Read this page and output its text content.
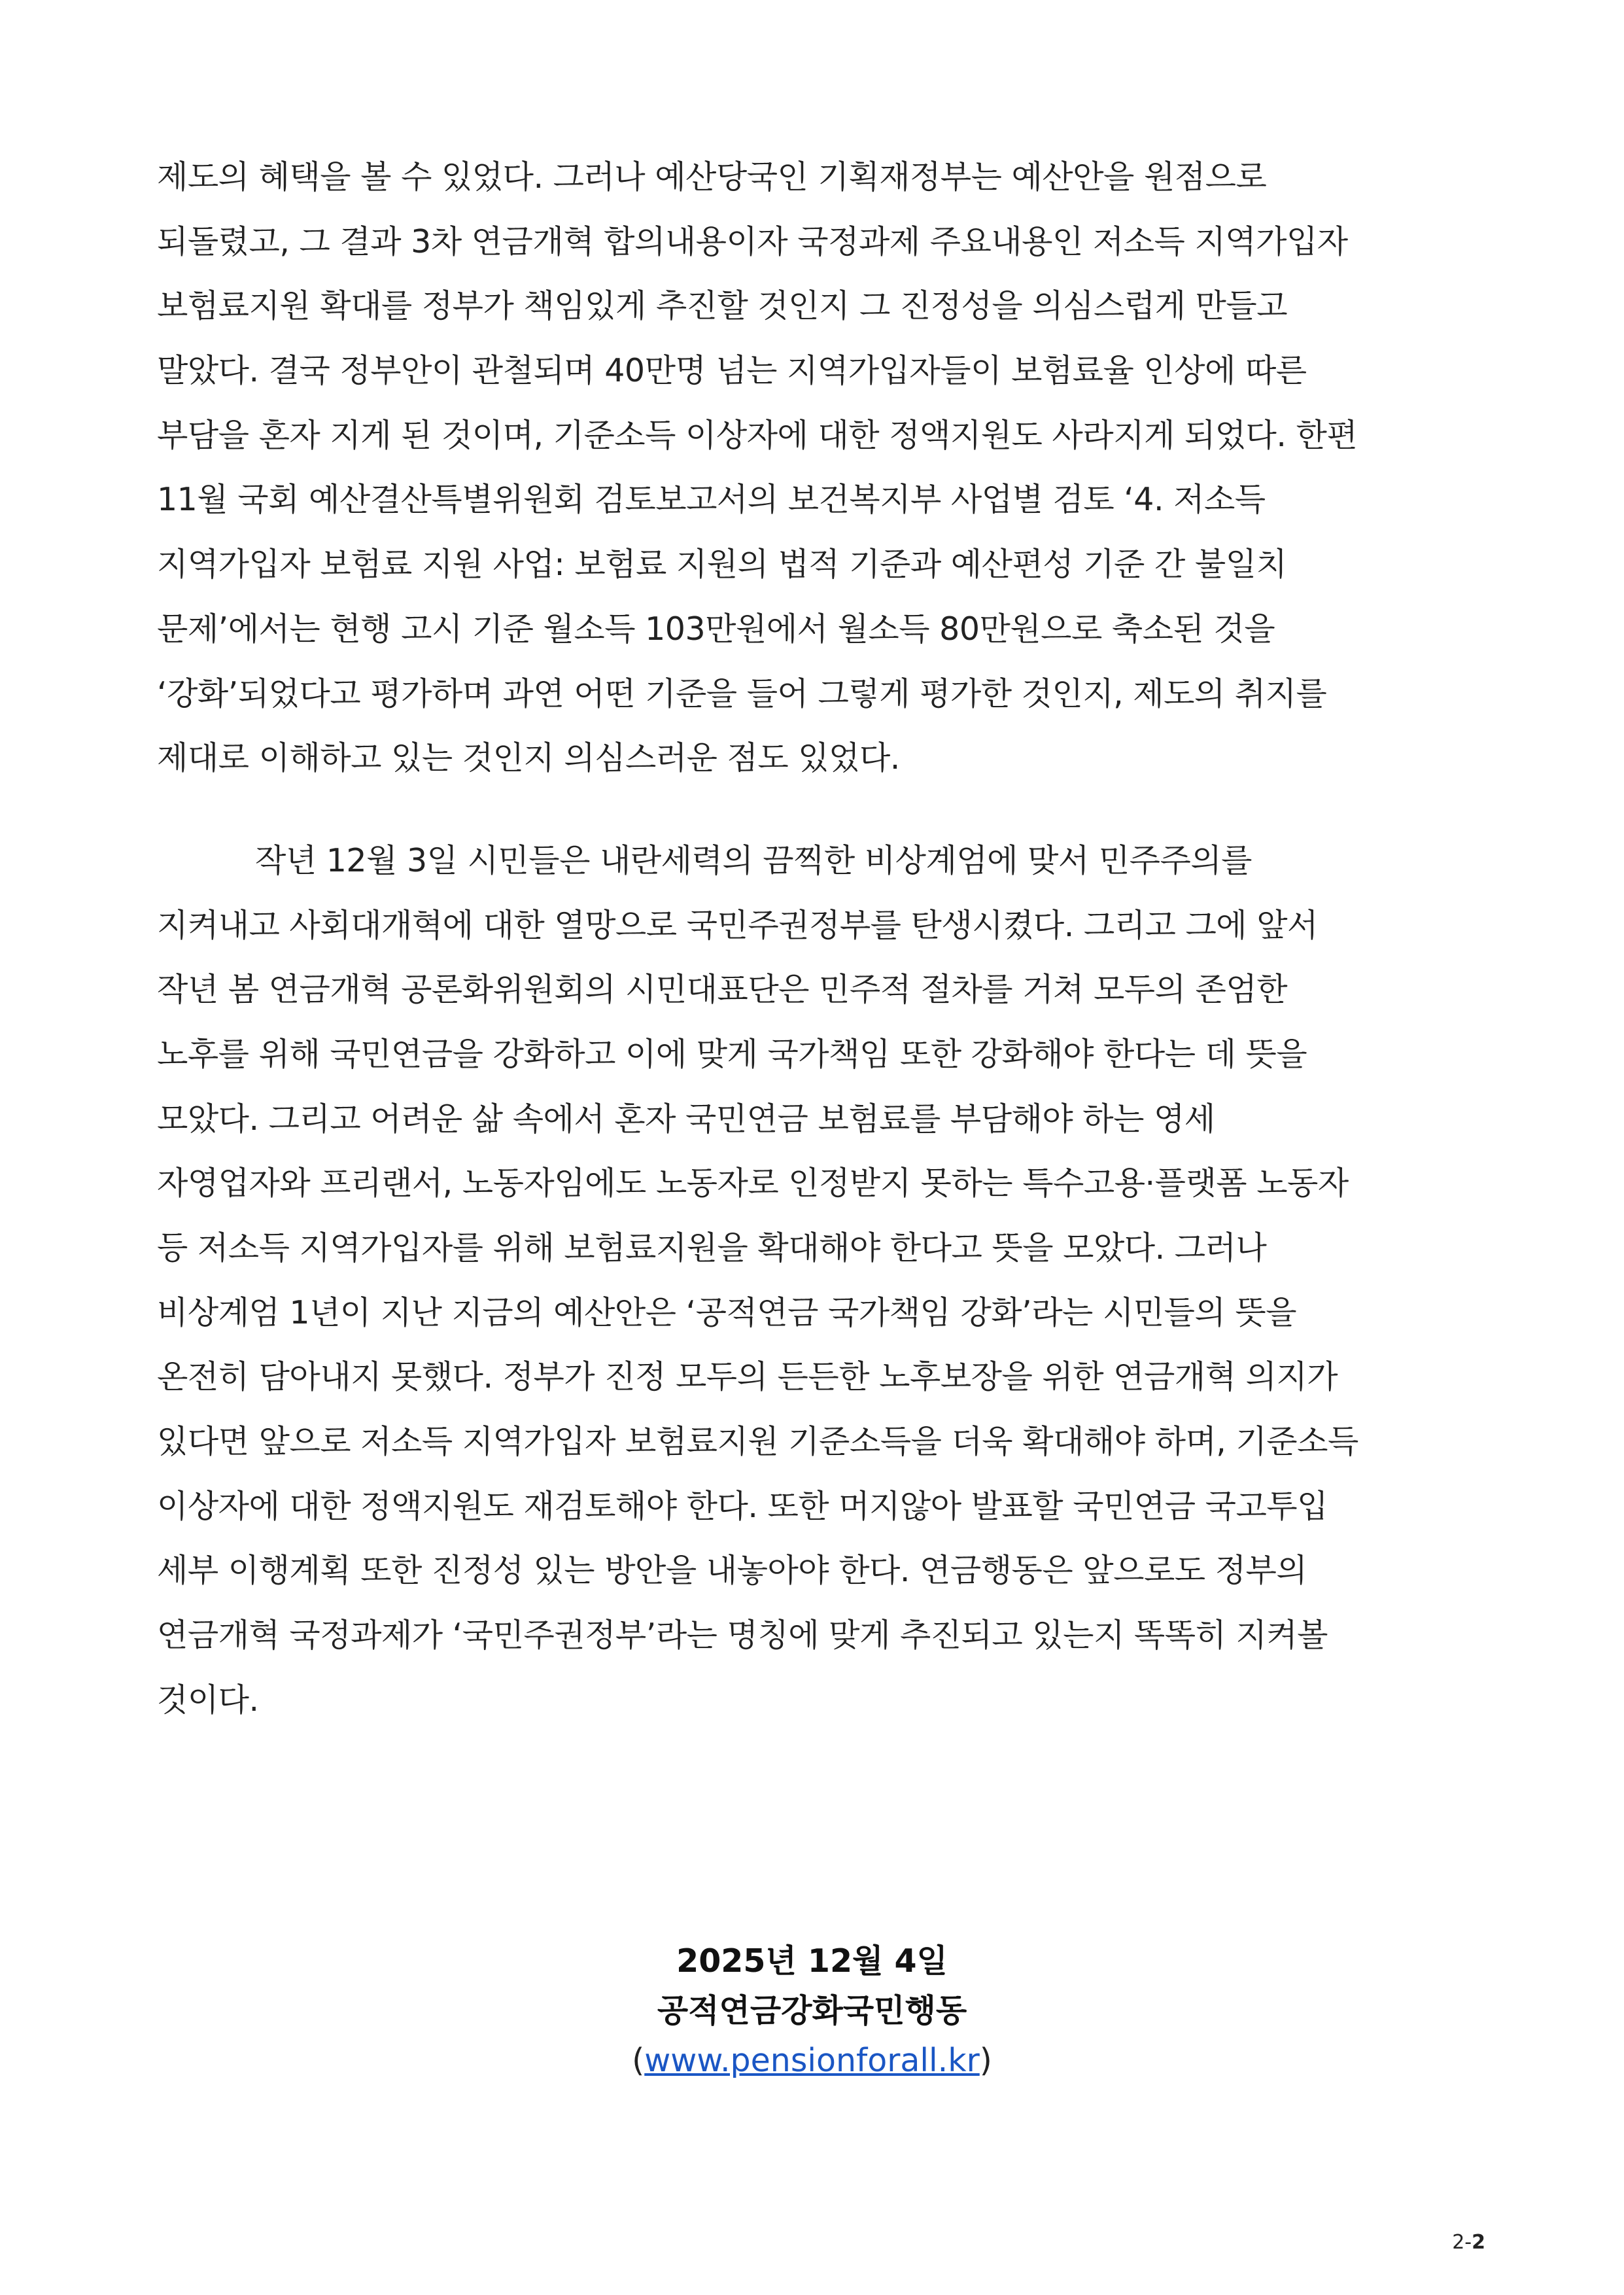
제도의 혜택을 볼 수 있었다. 그러나 예산당국인 기획재정부는 예산안을 원점으로
되돌렸고, 그 결과 3차 연금개혁 합의내용이자 국정과제 주요내용인 저소득 지역가입자
보험료지원 확대를 정부가 책임있게 추진할 것인지 그 진정성을 의심스럽게 만들고
말았다. 결국 정부안이 관철되며 40만명 넘는 지역가입자들이 보험료율 인상에 따른
부담을 혼자 지게 된 것이며, 기준소득 이상자에 대한 정액지원도 사라지게 되었다. 한편
11월 국회 예산결산특별위원회 검토보고서의 보건복지부 사업별 검토 ‘4. 저소득
지역가입자 보험료 지원 사업: 보험료 지원의 법적 기준과 예산편성 기준 간 불일치
문제’에서는 현행 고시 기준 월소득 103만원에서 월소득 80만원으로 축소된 것을
‘강화’되었다고 평가하며 과연 어떤 기준을 들어 그렇게 평가한 것인지, 제도의 취지를
제대로 이해하고 있는 것인지 의심스러운 점도 있었다.
작년 12월 3일 시민들은 내란세력의 끔찍한 비상계엄에 맞서 민주주의를
지켜내고 사회대개혁에 대한 열망으로 국민주권정부를 탄생시켰다. 그리고 그에 앞서
작년 봄 연금개혁 공론화위원회의 시민대표단은 민주적 절차를 거쳐 모두의 존엄한
노후를 위해 국민연금을 강화하고 이에 맞게 국가책임 또한 강화해야 한다는 데 뜻을
모았다. 그리고 어려운 삶 속에서 혼자 국민연금 보험료를 부담해야 하는 영세
자영업자와 프리랜서, 노동자임에도 노동자로 인정받지 못하는 특수고용·플랫폼 노동자
등 저소득 지역가입자를 위해 보험료지원을 확대해야 한다고 뜻을 모았다. 그러나
비상계엄 1년이 지난 지금의 예산안은 ‘공적연금 국가책임 강화’라는 시민들의 뜻을
온전히 담아내지 못했다. 정부가 진정 모두의 든든한 노후보장을 위한 연금개혁 의지가
있다면 앞으로 저소득 지역가입자 보험료지원 기준소득을 더욱 확대해야 하며, 기준소득
이상자에 대한 정액지원도 재검토해야 한다. 또한 머지않아 발표할 국민연금 국고투입
세부 이행계획 또한 진정성 있는 방안을 내놓아야 한다. 연금행동은 앞으로도 정부의
연금개혁 국정과제가 ‘국민주권정부’라는 명칭에 맞게 추진되고 있는지 똑똑히 지켜볼
것이다.
2025년 12월 4일
공적연금강화국민행동
(www.pensionforall.kr)
2-2
